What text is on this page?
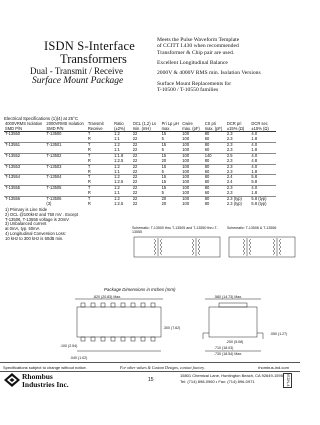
ISDN S-Interface
Transformers
Dual - Transmit / Receive
Surface Mount Package
Meets the Pulse Waveform Template
of CCITT I.430 when recommended
Transformer & Chip pair are used.
Excellent Longitudinal Balance
2000V & 4000V RMS min. Isolation Versions
Surface Mount Replacements for
T-10500 / T-10550 families
Electrical Specifications (1)(4) at 25°C
4000VRMS Isolation SMD P/N	2000VRMS Isolation SMD P/N	Transmit Receive	Ratio (±2%)	OCL (1,2) Ls min. (mH)	Pri Lp μH max.	Cwire max. (pF)	CS pri max. (pF)	DCR pri ±15% (Ω)	DCR sec ±15% (Ω)
T-13550	T-13500	T	1:2	22	15	100	80	2.3	4.0
		R	1:1	22	5	100	60	2.3	1.8
T-13551	T-13501	T	1:2	22	15	100	80	2.3	4.0
		R	1:1	22	5	100	60	2.3	1.8
T-13552	T-13502	T	1:1.8	22	15	100	140	2.5	4.0
		R	1:2.5	22	20	100	80	2.3	4.8
T-13553	T-13503	T	1:2	22	15	100	80	2.3	4.0
		R	1:1	22	5	100	60	2.3	1.8
T-13554	T-13504	T	1:2	22	15	100	80	2.4	5.8
		R	1:2.5	22	15	100	80	2.4	5.8
T-13555	T-13505	T	1:2	22	15	100	80	2.3	4.0
		R	1:1	22	5	100	60	2.3	1.8
T-13556	T-13506	T	1:2	22	20	100	80	2.3 (typ)	5.8 (typ)
	(3)	R	1:2.5	22	20	100	80	2.3 (typ)	5.8 (typ)
1) Primary is Line Side
2) OCL @100kHz and 750 mV . Except
T-13506, T-13556 voltage is 20mV
3) Unbalanced current
at 0mA, typ. 50mA
4) Longitudinal Conversion Loss:
10 kHz to 300 kHz is 60dB min.
Schematic: T-13500 thru T-13505 and T-13550 thru T-13555
Schematic: T-13506 & T-13556
Package Dimensions in Inches (mm)
.820 (20.83) Max.
.100 (2.54)
.300 (7.62)
.580 (14.73) Max.
.200 (5.08)
.710 (18.03)
.730 (18.54) Max.
.040 (1.02)
.050 (1.27)
Specifications subject to change without notice.	For other values & Custom Designs, contact factory.	rhombus-ind.com
Rhombus
Industries Inc.	15
15801 Chemical Lane, Huntington Beach, CA 92649-1595
Tel: (714) 898-0960 • Fax: (714) 896-0971	ISDN-4
